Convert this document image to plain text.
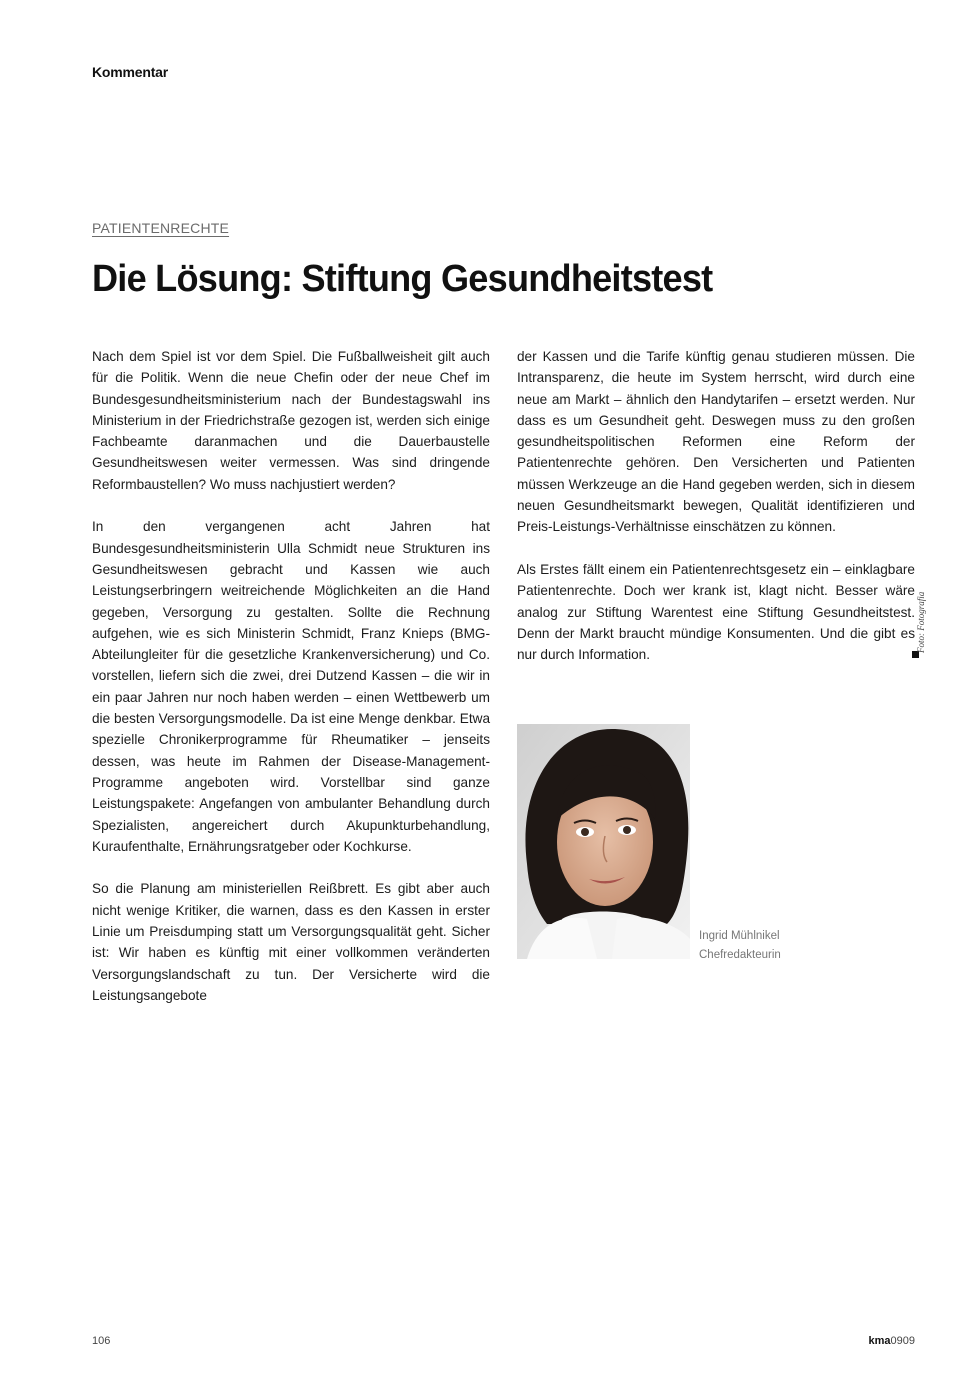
Kommentar
PATIENTENRECHTE
Die Lösung: Stiftung Gesundheitstest

Nach dem Spiel ist vor dem Spiel. Die Fußballweisheit gilt auch für die Politik. Wenn die neue Chefin oder der neue Chef im Bundesgesundheitsministerium nach der Bundestagswahl ins Ministerium in der Friedrichstraße gezogen ist, werden sich einige Fachbeamte daranmachen und die Dauerbaustelle Gesundheitswesen weiter vermessen. Was sind dringende Reformbaustellen? Wo muss nachjustiert werden?

In den vergangenen acht Jahren hat Bundesgesundheitsministerin Ulla Schmidt neue Strukturen ins Gesundheitswesen gebracht und Kassen wie auch Leistungserbringern weitreichende Möglichkeiten an die Hand gegeben, Versorgung zu gestalten. Sollte die Rechnung aufgehen, wie es sich Ministerin Schmidt, Franz Knieps (BMG-Abteilungleiter für die gesetzliche Krankenversicherung) und Co. vorstellen, liefern sich die zwei, drei Dutzend Kassen – die wir in ein paar Jahren nur noch haben werden – einen Wettbewerb um die besten Versorgungsmodelle. Da ist eine Menge denkbar. Etwa spezielle Chronikerprogramme für Rheumatiker – jenseits dessen, was heute im Rahmen der Disease-Management-Programme angeboten wird. Vorstellbar sind ganze Leistungspakete: Angefangen von ambulanter Behandlung durch Spezialisten, angereichert durch Akupunkturbehandlung, Kuraufenthalte, Ernährungsratgeber oder Kochkurse.

So die Planung am ministeriellen Reißbrett. Es gibt aber auch nicht wenige Kritiker, die warnen, dass es den Kassen in erster Linie um Preisdumping statt um Versorgungsqualität geht. Sicher ist: Wir haben es künftig mit einer vollkommen veränderten Versorgungslandschaft zu tun. Der Versicherte wird die Leistungsangebote

der Kassen und die Tarife künftig genau studieren müssen. Die Intransparenz, die heute im System herrscht, wird durch eine neue am Markt – ähnlich den Handytarifen – ersetzt werden. Nur dass es um Gesundheit geht. Deswegen muss zu den großen gesundheitspolitischen Reformen eine Reform der Patientenrechte gehören. Den Versicherten und Patienten müssen Werkzeuge an die Hand gegeben werden, sich in diesem neuen Gesundheitsmarkt bewegen, Qualität identifizieren und Preis-Leistungs-Verhältnisse einschätzen zu können.

Als Erstes fällt einem ein Patientenrechtsgesetz ein – einklagbare Patientenrechte. Doch wer krank ist, klagt nicht. Besser wäre analog zur Stiftung Warentest eine Stiftung Gesundheitstest. Denn der Markt braucht mündige Konsumenten. Und die gibt es nur durch Information.

Foto: Fotografia
Ingrid Mühlnikel
Chefredakteurin
106	kma0909
